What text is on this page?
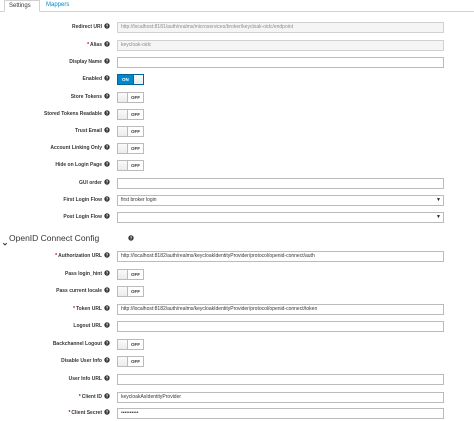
Settings	Mappers
Redirect URI ?	http://localhost:8181/auth/realms/microservices/broker/keycloak-oidc/endpoint
*Alias ?	keycloak-oidc
Display Name ?
Enabled ?	ON
Store Tokens ?	OFF
Stored Tokens Readable ?	OFF
Trust Email ?	OFF
Account Linking Only ?	OFF
Hide on Login Page ?	OFF
GUI order ?
First Login Flow ?	first broker login	▼
Post Login Flow ?	▼
OpenID Connect Config	?
*Authorization URL ?	http://localhost:8182/auth/realms/keycloakIdentityProvider/protocol/openid-connect/auth
Pass login_hint ?	OFF
Pass current locale ?	OFF
*Token URL ?	http://localhost:8182/auth/realms/keycloakIdentityProvider/protocol/openid-connect/token
Logout URL ?
Backchannel Logout ?	OFF
Disable User Info ?	OFF
User Info URL ?
*Client ID ?	keycloakAsIdentityProvider
*Client Secret ?	••••••••••
